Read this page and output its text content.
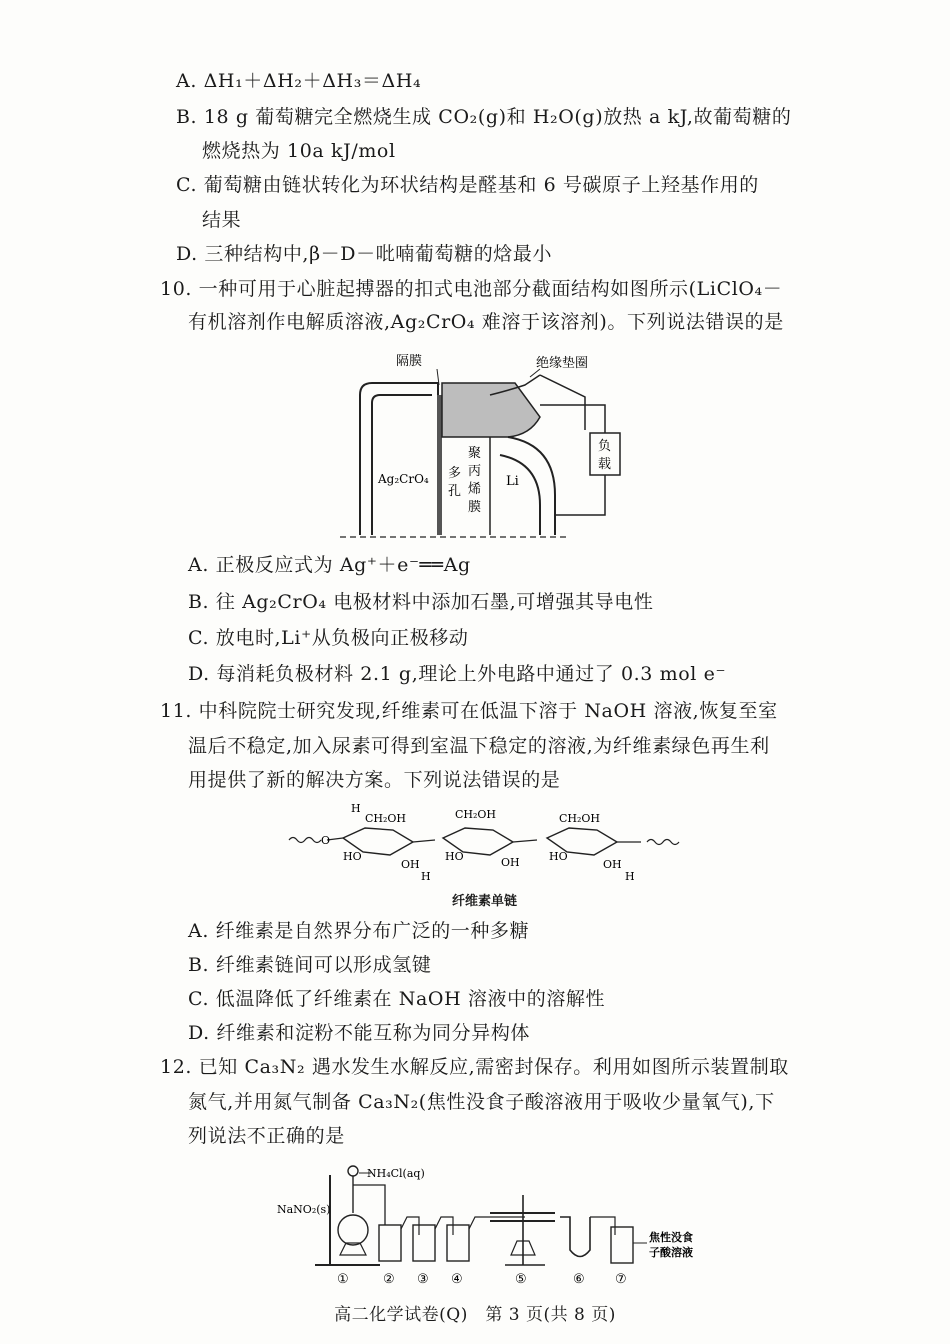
A. ΔH₁＋ΔH₂＋ΔH₃＝ΔH₄
B. 18 g 葡萄糖完全燃烧生成 CO₂(g)和 H₂O(g)放热 a kJ,故葡萄糖的
燃烧热为 10a kJ/mol
C. 葡萄糖由链状转化为环状结构是醛基和 6 号碳原子上羟基作用的
结果
D. 三种结构中,β－D－吡喃葡萄糖的焓最小
10. 一种可用于心脏起搏器的扣式电池部分截面结构如图所示(LiClO₄－
有机溶剂作电解质溶液,Ag₂CrO₄ 难溶于该溶剂)。下列说法错误的是
隔膜	绝缘垫圈
负
载
Ag₂CrO₄ 多
孔
聚
丙
烯
膜
Li
A. 正极反应式为 Ag⁺＋e⁻══Ag
B. 往 Ag₂CrO₄ 电极材料中添加石墨,可增强其导电性
C. 放电时,Li⁺从负极向正极移动
D. 每消耗负极材料 2.1 g,理论上外电路中通过了 0.3 mol e⁻
11. 中科院院士研究发现,纤维素可在低温下溶于 NaOH 溶液,恢复至室
温后不稳定,加入尿素可得到室温下稳定的溶液,为纤维素绿色再生利
用提供了新的解决方案。下列说法错误的是
O
H
CH₂OH	CH₂OH	CH₂OH
HO	HO	HO
OH	OH	OH
H	H
纤维素单链
A. 纤维素是自然界分布广泛的一种多糖
B. 纤维素链间可以形成氢键
C. 低温降低了纤维素在 NaOH 溶液中的溶解性
D. 纤维素和淀粉不能互称为同分异构体
12. 已知 Ca₃N₂ 遇水发生水解反应,需密封保存。利用如图所示装置制取
氮气,并用氮气制备 Ca₃N₂(焦性没食子酸溶液用于吸收少量氧气),下
列说法不正确的是
NH₄Cl(aq)
NaNO₂(s)
焦性没食
子酸溶液
①	② ③ ④	⑤	⑥ ⑦
高二化学试卷(Q)　第 3 页(共 8 页)
